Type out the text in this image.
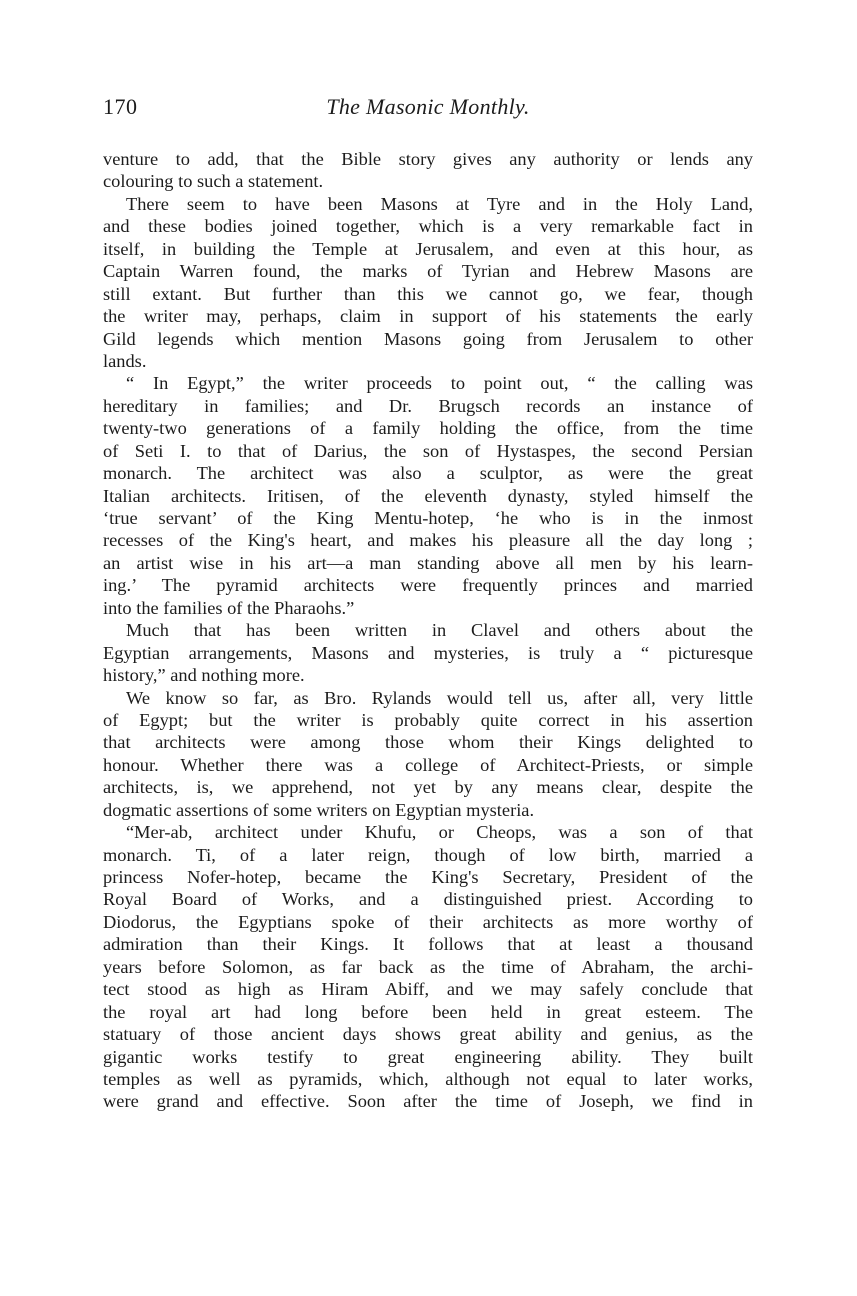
170	The Masonic Monthly.
venture to add, that the Bible story gives any authority or lends any
colouring to such a statement.
There seem to have been Masons at Tyre and in the Holy Land,
and these bodies joined together, which is a very remarkable fact in
itself, in building the Temple at Jerusalem, and even at this hour, as
Captain Warren found, the marks of Tyrian and Hebrew Masons are
still extant. But further than this we cannot go, we fear, though
the writer may, perhaps, claim in support of his statements the early
Gild legends which mention Masons going from Jerusalem to other
lands.
“ In Egypt,” the writer proceeds to point out, “ the calling was
hereditary in families; and Dr. Brugsch records an instance of
twenty-two generations of a family holding the office, from the time
of Seti I. to that of Darius, the son of Hystaspes, the second Persian
monarch. The architect was also a sculptor, as were the great
Italian architects. Iritisen, of the eleventh dynasty, styled himself the
‘true servant’ of the King Mentu-hotep, ‘he who is in the inmost
recesses of the King's heart, and makes his pleasure all the day long ;
an artist wise in his art—a man standing above all men by his learn-
ing.’ The pyramid architects were frequently princes and married
into the families of the Pharaohs.”
Much that has been written in Clavel and others about the
Egyptian arrangements, Masons and mysteries, is truly a “ picturesque
history,” and nothing more.
We know so far, as Bro. Rylands would tell us, after all, very little
of Egypt; but the writer is probably quite correct in his assertion
that architects were among those whom their Kings delighted to
honour. Whether there was a college of Architect-Priests, or simple
architects, is, we apprehend, not yet by any means clear, despite the
dogmatic assertions of some writers on Egyptian mysteria.
“Mer-ab, architect under Khufu, or Cheops, was a son of that
monarch. Ti, of a later reign, though of low birth, married a
princess Nofer-hotep, became the King's Secretary, President of the
Royal Board of Works, and a distinguished priest. According to
Diodorus, the Egyptians spoke of their architects as more worthy of
admiration than their Kings. It follows that at least a thousand
years before Solomon, as far back as the time of Abraham, the archi-
tect stood as high as Hiram Abiff, and we may safely conclude that
the royal art had long before been held in great esteem. The
statuary of those ancient days shows great ability and genius, as the
gigantic works testify to great engineering ability. They built
temples as well as pyramids, which, although not equal to later works,
were grand and effective. Soon after the time of Joseph, we find in
